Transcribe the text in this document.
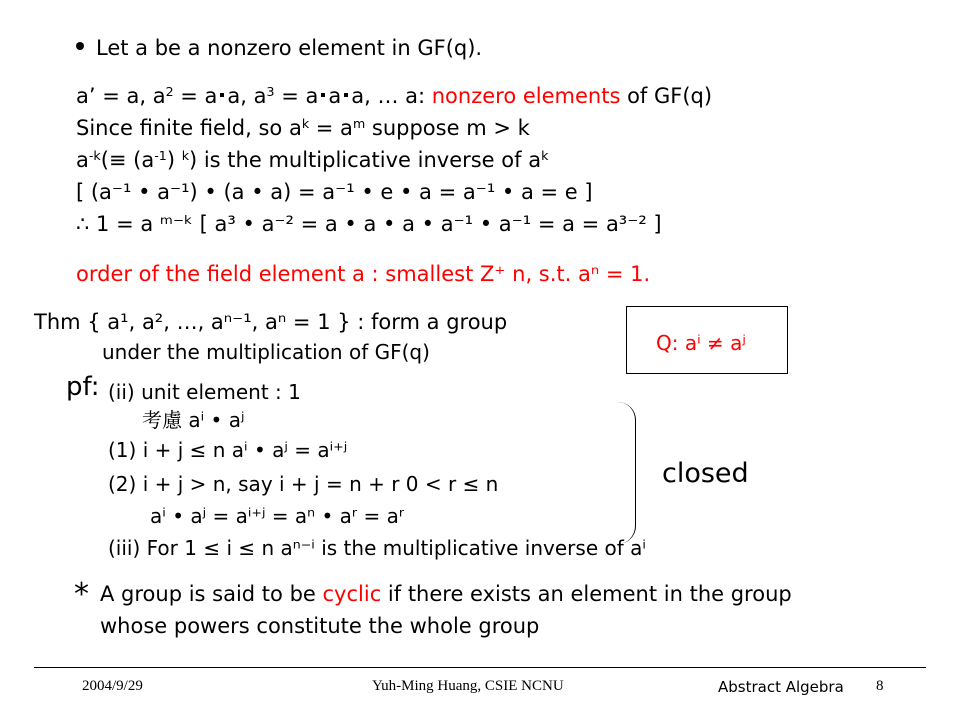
Let a be a nonzero element in GF(q).
a’ = a, $a^2 = a$ a, $a^3 = a$ a a, … a: nonzero elements of GF(q)
Since finite field, so $a^k = a^m$ suppose m > k
$a^{-k}(\equiv (a^{-1})$ $^k$) is the multiplicative inverse of $a^k$
[ (a⁻¹ • a⁻¹) • (a • a) = a⁻¹ • e • a = a⁻¹ • a = e ]
∴ 1 = a ᵐ⁻ᵏ [ a³ • a⁻² = a • a • a • a⁻¹ • a⁻¹ = a = a³⁻² ]
order of the field element a : smallest Z⁺ n, s.t. aⁿ = 1.
Thm { a¹, a², …, aⁿ⁻¹, aⁿ = 1 } : form a group
under the multiplication of GF(q)	Q: aⁱ ≠ aʲ
pf: (ii) unit element : 1
考慮 aⁱ • aʲ
(1) i + j ≤ n aⁱ • aʲ = aⁱ⁺ʲ
(2) i + j > n, say i + j = n + r 0 < r ≤ n
aⁱ • aʲ = aⁱ⁺ʲ = aⁿ • aʳ = aʳ
(iii) For 1 ≤ i ≤ n aⁿ⁻ⁱ is the multiplicative inverse of aⁱ
closed
* A group is said to be cyclic if there exists an element in the group
whose powers constitute the whole group
2004/9/29	Yuh-Ming Huang, CSIE NCNU	Abstract Algebra 8
